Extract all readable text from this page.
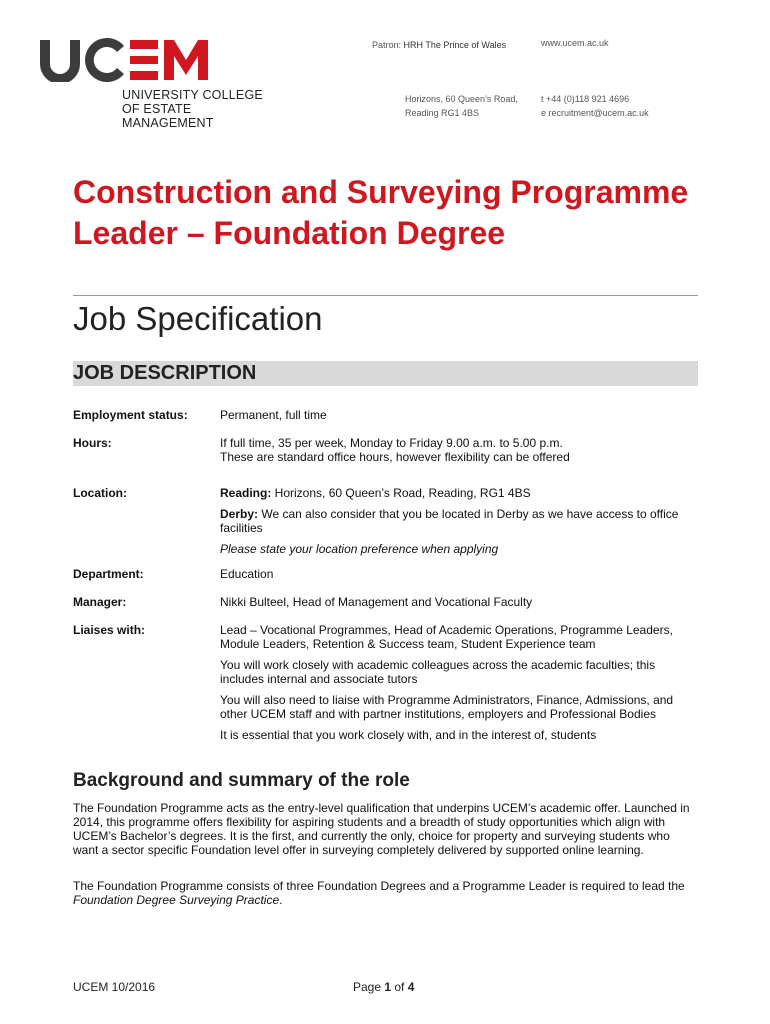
UNIVERSITY COLLEGE
OF ESTATE MANAGEMENT
Patron: HRH The Prince of Wales	www.ucem.ac.uk
Horizons, 60 Queen’s Road,
Reading RG1 4BS
t +44 (0)118 921 4696
e recruitment@ucem.ac.uk
Construction and Surveying Programme Leader – Foundation Degree
Job Specification
JOB DESCRIPTION
Employment status:	Permanent, full time
Hours:	If full time, 35 per week, Monday to Friday 9.00 a.m. to 5.00 p.m.
These are standard office hours, however flexibility can be offered
Location:	Reading: Horizons, 60 Queen’s Road, Reading, RG1 4BS

Derby: We can also consider that you be located in Derby as we have access to office facilities

Please state your location preference when applying

Department:	Education
Manager:	Nikki Bulteel, Head of Management and Vocational Faculty
Liaises with:	Lead – Vocational Programmes, Head of Academic Operations, Programme Leaders, Module Leaders, Retention & Success team, Student Experience team

You will work closely with academic colleagues across the academic faculties; this includes internal and associate tutors

You will also need to liaise with Programme Administrators, Finance, Admissions, and other UCEM staff and with partner institutions, employers and Professional Bodies

It is essential that you work closely with, and in the interest of, students

Background and summary of the role

The Foundation Programme acts as the entry-level qualification that underpins UCEM’s academic offer. Launched in 2014, this programme offers flexibility for aspiring students and a breadth of study opportunities which align with UCEM’s Bachelor’s degrees. It is the first, and currently the only, choice for property and surveying students who want a sector specific Foundation level offer in surveying completely delivered by supported online learning.

The Foundation Programme consists of three Foundation Degrees and a Programme Leader is required to lead the Foundation Degree Surveying Practice.

UCEM 10/2016	Page 1 of 4
